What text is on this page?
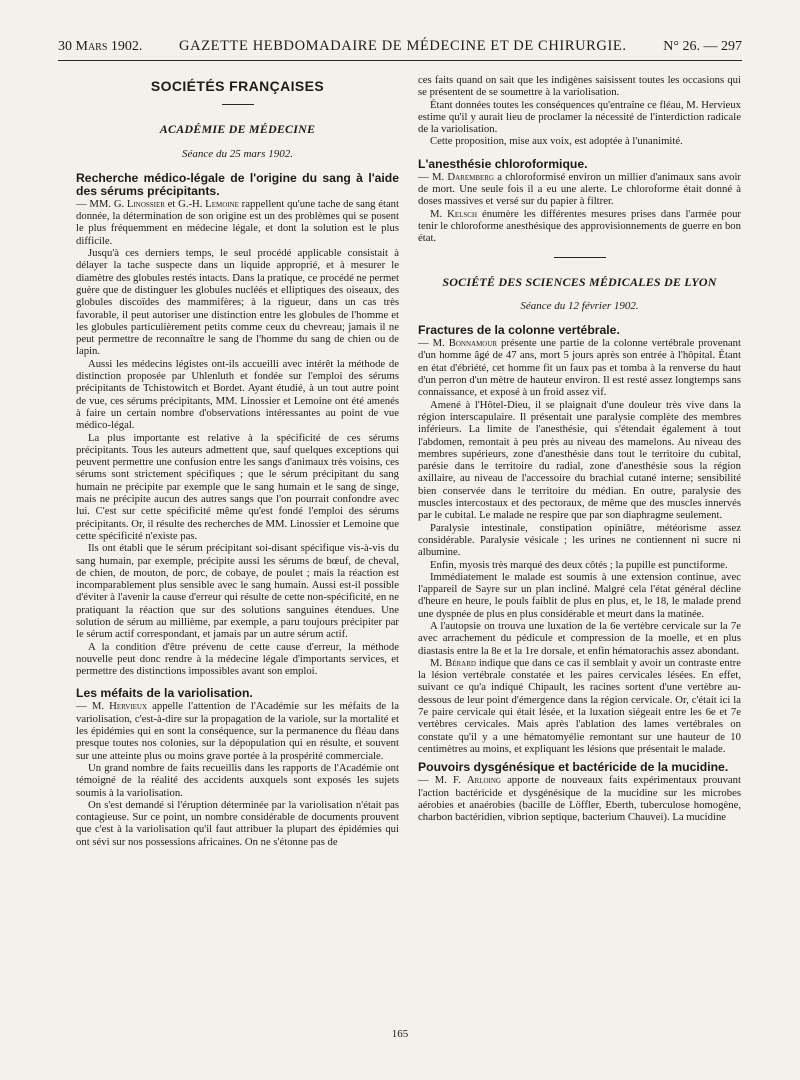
30 Mars 1902.	GAZETTE HEBDOMADAIRE DE MÉDECINE ET DE CHIRURGIE.	N° 26. — 297
SOCIÉTÉS FRANÇAISES
ACADÉMIE DE MÉDECINE
Séance du 25 mars 1902.
Recherche médico-légale de l'origine du sang à l'aide des sérums précipitants.

— MM. G. Linossier et G.-H. Lemoine rappellent qu'une tache de sang étant donnée, la détermination de son origine est un des problèmes qui se posent le plus fréquemment en médecine légale, et dont la solution est le plus difficile.

Jusqu'à ces derniers temps, le seul procédé applicable consistait à délayer la tache suspecte dans un liquide approprié, et à mesurer le diamètre des globules restés intacts. Dans la pratique, ce procédé ne permet guère que de distinguer les globules nucléés et elliptiques des oiseaux, des globules discoïdes des mammifères; à la rigueur, dans un cas très favorable, il peut autoriser une distinction entre les globules de l'homme et les globules particulièrement petits comme ceux du chevreau; jamais il ne peut permettre de reconnaître le sang de l'homme du sang de chien ou de lapin.

Aussi les médecins légistes ont-ils accueilli avec intérêt la méthode de distinction proposée par Uhlenluth et fondée sur l'emploi des sérums précipitants de Tchistowitch et Bordet. Ayant étudié, à un tout autre point de vue, ces sérums précipitants, MM. Linossier et Lemoine ont été amenés à faire un certain nombre d'observations intéressantes au point de vue médico-légal.

La plus importante est relative à la spécificité de ces sérums précipitants. Tous les auteurs admettent que, sauf quelques exceptions qui peuvent permettre une confusion entre les sangs d'animaux très voisins, ces sérums sont strictement spécifiques ; que le sérum précipitant du sang humain ne précipite par exemple que le sang humain et le sang de singe, mais ne précipite aucun des autres sangs que l'on pourrait confondre avec lui. C'est sur cette spécificité même qu'est fondé l'emploi des sérums précipitants. Or, il résulte des recherches de MM. Linossier et Lemoine que cette spécificité n'existe pas.

Ils ont établi que le sérum précipitant soi-disant spécifique vis-à-vis du sang humain, par exemple, précipite aussi les sérums de bœuf, de cheval, de chien, de mouton, de porc, de cobaye, de poulet ; mais la réaction est incomparablement plus sensible avec le sang humain. Aussi est-il possible d'éviter à l'avenir la cause d'erreur qui résulte de cette non-spécificité, en ne pratiquant la réaction que sur des solutions sanguines étendues. Une solution de sérum au millième, par exemple, a paru toujours précipiter par le sérum actif correspondant, et jamais par un autre sérum actif.

A la condition d'être prévenu de cette cause d'erreur, la méthode nouvelle peut donc rendre à la médecine légale d'importants services, et permettre des distinctions impossibles avant son emploi.

Les méfaits de la variolisation.

— M. Hervieux appelle l'attention de l'Académie sur les méfaits de la variolisation, c'est-à-dire sur la propagation de la variole, sur la mortalité et les épidémies qui en sont la conséquence, sur la permanence du fléau dans presque toutes nos colonies, sur la dépopulation qui en résulte, et souvent sur une atteinte plus ou moins grave portée à la prospérité commerciale.

Un grand nombre de faits recueillis dans les rapports de l'Académie ont témoigné de la réalité des accidents auxquels sont exposés les sujets soumis à la variolisation.

On s'est demandé si l'éruption déterminée par la variolisation n'était pas contagieuse. Sur ce point, un nombre considérable de documents prouvent que c'est à la variolisation qu'il faut attribuer la plupart des épidémies qui ont sévi sur nos possessions africaines. On ne s'étonne pas de

ces faits quand on sait que les indigènes saisissent toutes les occasions qui se présentent de se soumettre à la variolisation.

Étant données toutes les conséquences qu'entraîne ce fléau, M. Hervieux estime qu'il y aurait lieu de proclamer la nécessité de l'interdiction radicale de la variolisation.

Cette proposition, mise aux voix, est adoptée à l'unanimité.

L'anesthésie chloroformique.

— M. Daremberg a chloroformisé environ un millier d'animaux sans avoir de mort. Une seule fois il a eu une alerte. Le chloroforme était donné à doses massives et versé sur du papier à filtrer.

M. Kelsch énumère les différentes mesures prises dans l'armée pour tenir le chloroforme anesthésique des approvisionnements de guerre en bon état.

SOCIÉTÉ DES SCIENCES MÉDICALES DE LYON
Séance du 12 février 1902.
Fractures de la colonne vertébrale.

— M. Bonnamour présente une partie de la colonne vertébrale provenant d'un homme âgé de 47 ans, mort 5 jours après son entrée à l'hôpital. Étant en état d'ébriété, cet homme fit un faux pas et tomba à la renverse du haut d'un perron d'un mètre de hauteur environ. Il est resté assez longtemps sans connaissance, et exposé à un froid assez vif.

Amené à l'Hôtel-Dieu, il se plaignait d'une douleur très vive dans la région interscapulaire. Il présentait une paralysie complète des membres inférieurs. La limite de l'anesthésie, qui s'étendait également à tout l'abdomen, remontait à peu près au niveau des mamelons. Au niveau des membres supérieurs, zone d'anesthésie dans tout le territoire du cubital, parésie dans le territoire du radial, zone d'anesthésie sous la région axillaire, au niveau de l'accessoire du brachial cutané interne; sensibilité bien conservée dans le territoire du médian. En outre, paralysie des muscles intercostaux et des pectoraux, de même que des muscles innervés par le cubital. Le malade ne respire que par son diaphragme seulement.

Paralysie intestinale, constipation opiniâtre, météorisme assez considérable. Paralysie vésicale ; les urines ne contiennent ni sucre ni albumine.

Enfin, myosis très marqué des deux côtés ; la pupille est punctiforme.

Immédiatement le malade est soumis à une extension continue, avec l'appareil de Sayre sur un plan incliné. Malgré cela l'état général décline d'heure en heure, le pouls faiblit de plus en plus, et, le 18, le malade prend une dyspnée de plus en plus considérable et meurt dans la matinée.

A l'autopsie on trouva une luxation de la 6e vertèbre cervicale sur la 7e avec arrachement du pédicule et compression de la moelle, et en plus diastasis entre la 8e et la 1re dorsale, et enfin hématorachis assez abondant.

M. Bérard indique que dans ce cas il semblait y avoir un contraste entre la lésion vertébrale constatée et les paires cervicales lésées. En effet, suivant ce qu'a indiqué Chipault, les racines sortent d'une vertèbre au-dessous de leur point d'émergence dans la région cervicale. Or, c'était ici la 7e paire cervicale qui était lésée, et la luxation siégeait entre les 6e et 7e vertèbres cervicales. Mais après l'ablation des lames vertébrales on constate qu'il y a une hématomyélie remontant sur une hauteur de 10 centimètres au moins, et expliquant les lésions que présentait le malade.

Pouvoirs dysgénésique et bactéricide de la mucidine.

— M. F. Arloing apporte de nouveaux faits expérimentaux prouvant l'action bactéricide et dysgénésique de la mucidine sur les microbes aérobies et anaérobies (bacille de Löffler, Eberth, tuberculose homogène, charbon bactéridien, vibrion septique, bacterium Chauvei). La mucidine

165
